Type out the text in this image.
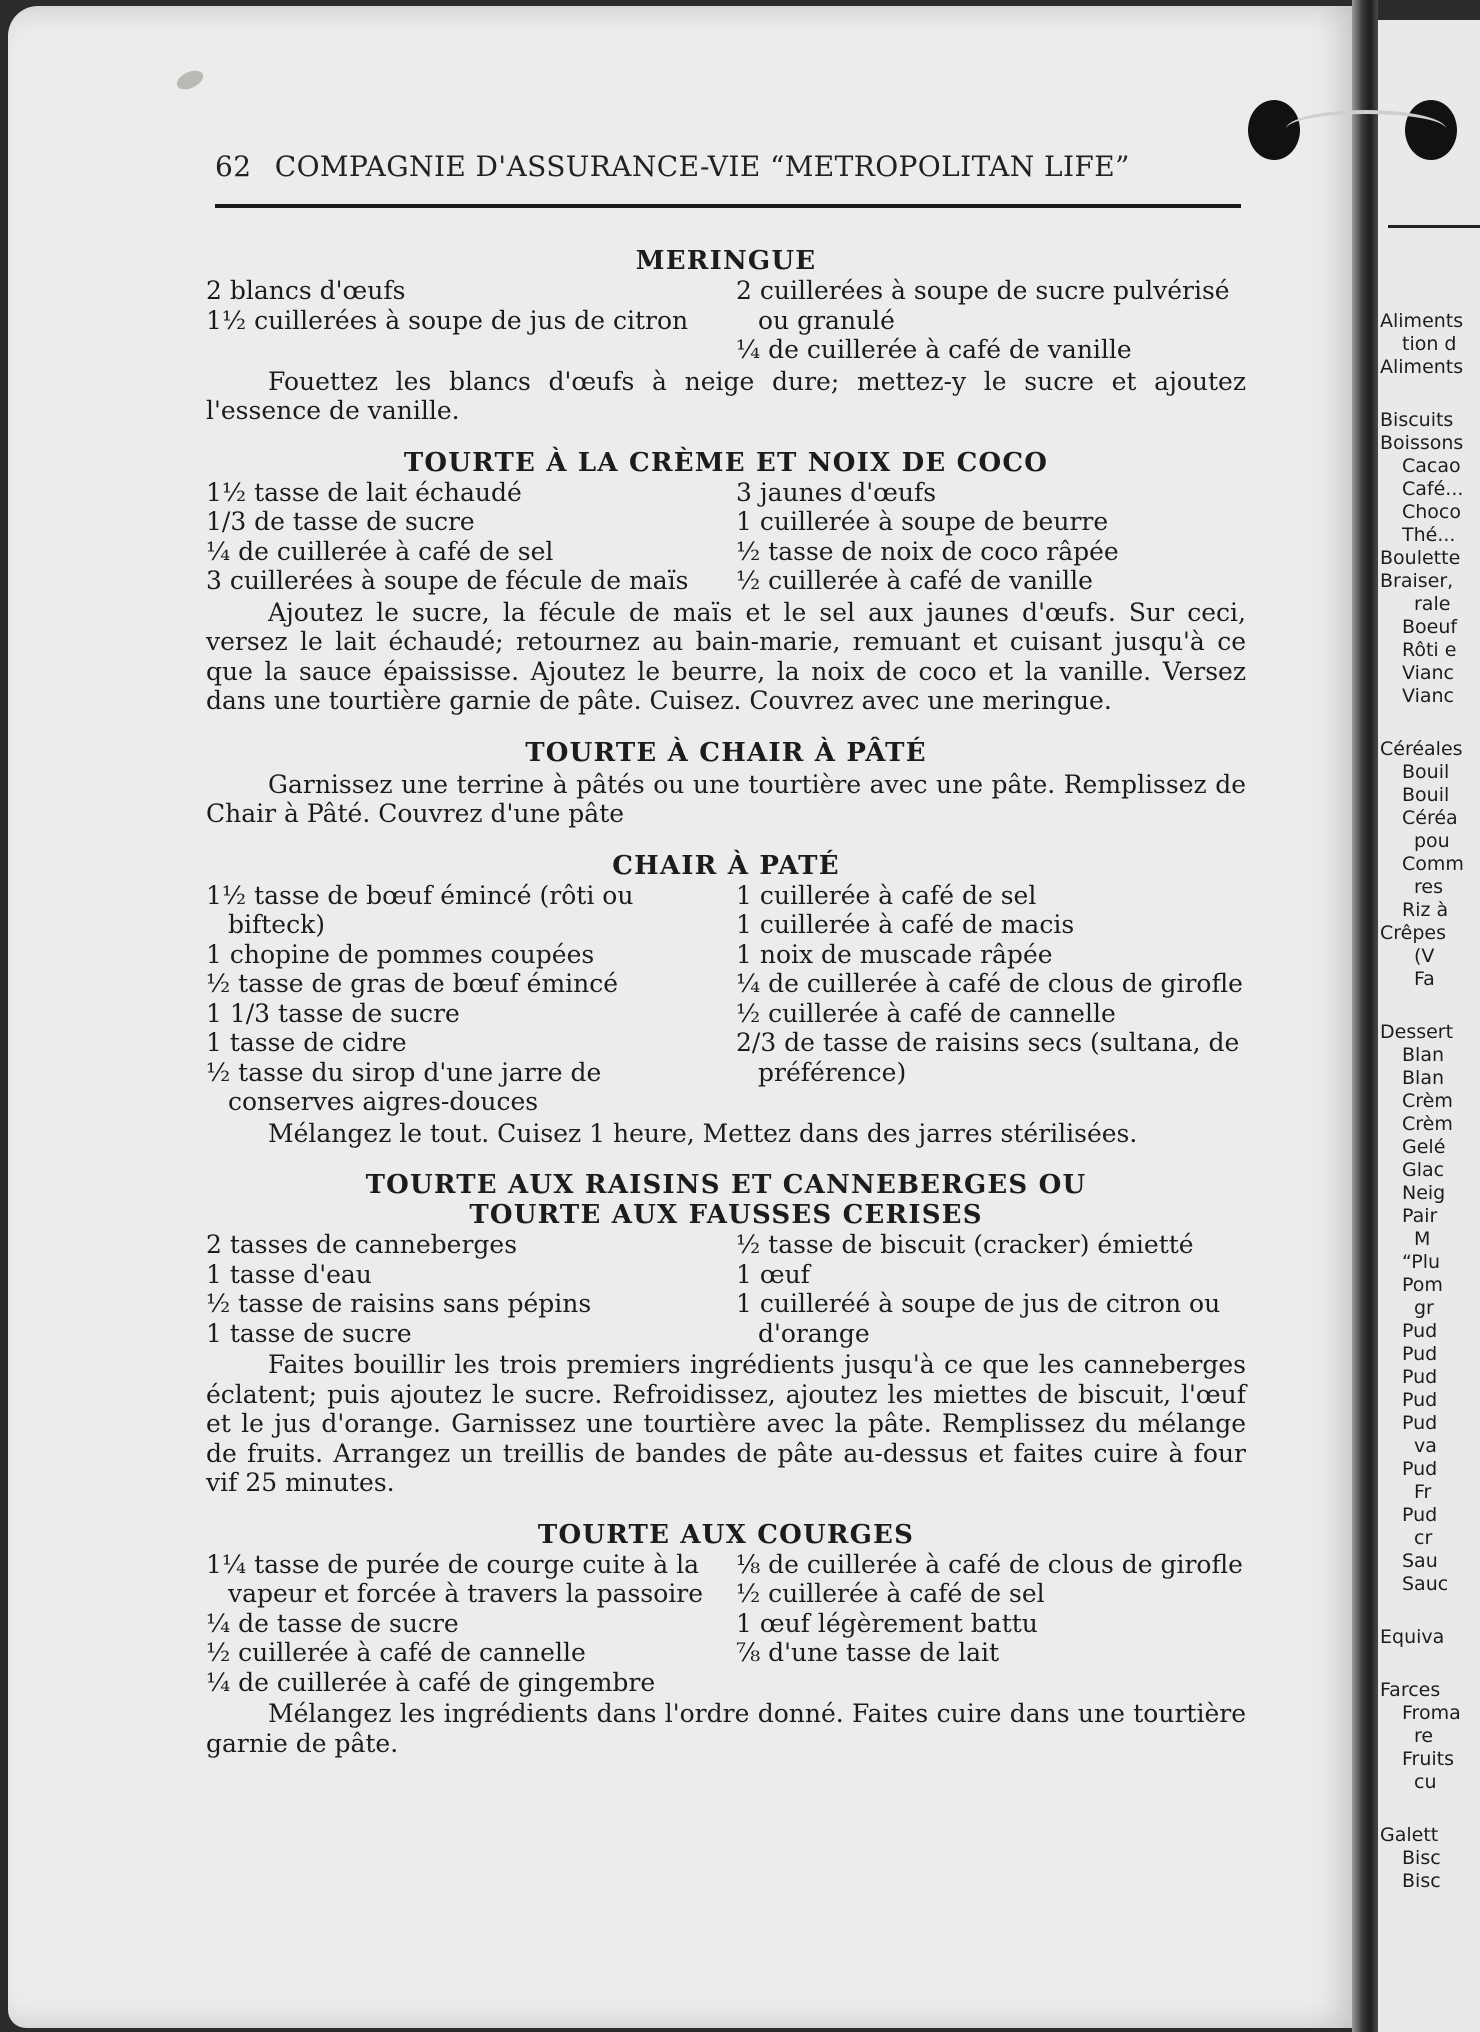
Aliments
tion d
Aliments
Biscuits
Boissons
Cacao
Café...
Choco
Thé...
Boulette
Braiser,
rale
Boeuf
Rôti e
Vianc
Vianc
Céréales
Bouil
Bouil
Céréa
pou
Comm
res
Riz à
Crêpes
(V
Fa
Dessert
Blan
Blan
Crèm
Crèm
Gelé
Glac
Neig
Pair
M
“Plu
Pom
gr
Pud
Pud
Pud
Pud
Pud
va
Pud
Fr
Pud
cr
Sau
Sauc
Equiva
Farces
Froma
re
Fruits
cu
Galett
Bisc
Bisc
62 COMPAGNIE D'ASSURANCE-VIE “METROPOLITAN LIFE”
MERINGUE
2 blancs d'œufs
1½ cuillerées à soupe de jus de citron
2 cuillerées à soupe de sucre pulvérisé ou granulé
¼ de cuillerée à café de vanille
Fouettez les blancs d'œufs à neige dure; mettez-y le sucre et ajoutez l'essence de vanille.
TOURTE À LA CRÈME ET NOIX DE COCO
1½ tasse de lait échaudé
1/3 de tasse de sucre
¼ de cuillerée à café de sel
3 cuillerées à soupe de fécule de maïs
3 jaunes d'œufs
1 cuillerée à soupe de beurre
½ tasse de noix de coco râpée
½ cuillerée à café de vanille
Ajoutez le sucre, la fécule de maïs et le sel aux jaunes d'œufs. Sur ceci, versez le lait échaudé; retournez au bain-marie, remuant et cuisant jusqu'à ce que la sauce épaississe. Ajoutez le beurre, la noix de coco et la vanille. Versez dans une tourtière garnie de pâte. Cuisez. Couvrez avec une meringue.
TOURTE À CHAIR À PÂTÉ
Garnissez une terrine à pâtés ou une tourtière avec une pâte. Remplissez de Chair à Pâté. Couvrez d'une pâte
CHAIR À PATÉ
1½ tasse de bœuf émincé (rôti ou bifteck)
1 chopine de pommes coupées
½ tasse de gras de bœuf émincé
1 1/3 tasse de sucre
1 tasse de cidre
½ tasse du sirop d'une jarre de conserves aigres-douces
1 cuillerée à café de sel
1 cuillerée à café de macis
1 noix de muscade râpée
¼ de cuillerée à café de clous de girofle
½ cuillerée à café de cannelle
2/3 de tasse de raisins secs (sultana, de préférence)
Mélangez le tout. Cuisez 1 heure, Mettez dans des jarres stérilisées.
TOURTE AUX RAISINS ET CANNEBERGES OU
TOURTE AUX FAUSSES CERISES
2 tasses de canneberges
1 tasse d'eau
½ tasse de raisins sans pépins
1 tasse de sucre
½ tasse de biscuit (cracker) émietté
1 œuf
1 cuilleréé à soupe de jus de citron ou d'orange
Faites bouillir les trois premiers ingrédients jusqu'à ce que les canneberges éclatent; puis ajoutez le sucre. Refroidissez, ajoutez les miettes de biscuit, l'œuf et le jus d'orange. Garnissez une tourtière avec la pâte. Remplissez du mélange de fruits. Arrangez un treillis de bandes de pâte au-dessus et faites cuire à four vif 25 minutes.
TOURTE AUX COURGES
1¼ tasse de purée de courge cuite à la vapeur et forcée à travers la passoire
¼ de tasse de sucre
½ cuillerée à café de cannelle
¼ de cuillerée à café de gingembre
⅛ de cuillerée à café de clous de girofle
½ cuillerée à café de sel
1 œuf légèrement battu
⅞ d'une tasse de lait
Mélangez les ingrédients dans l'ordre donné. Faites cuire dans une tourtière garnie de pâte.
